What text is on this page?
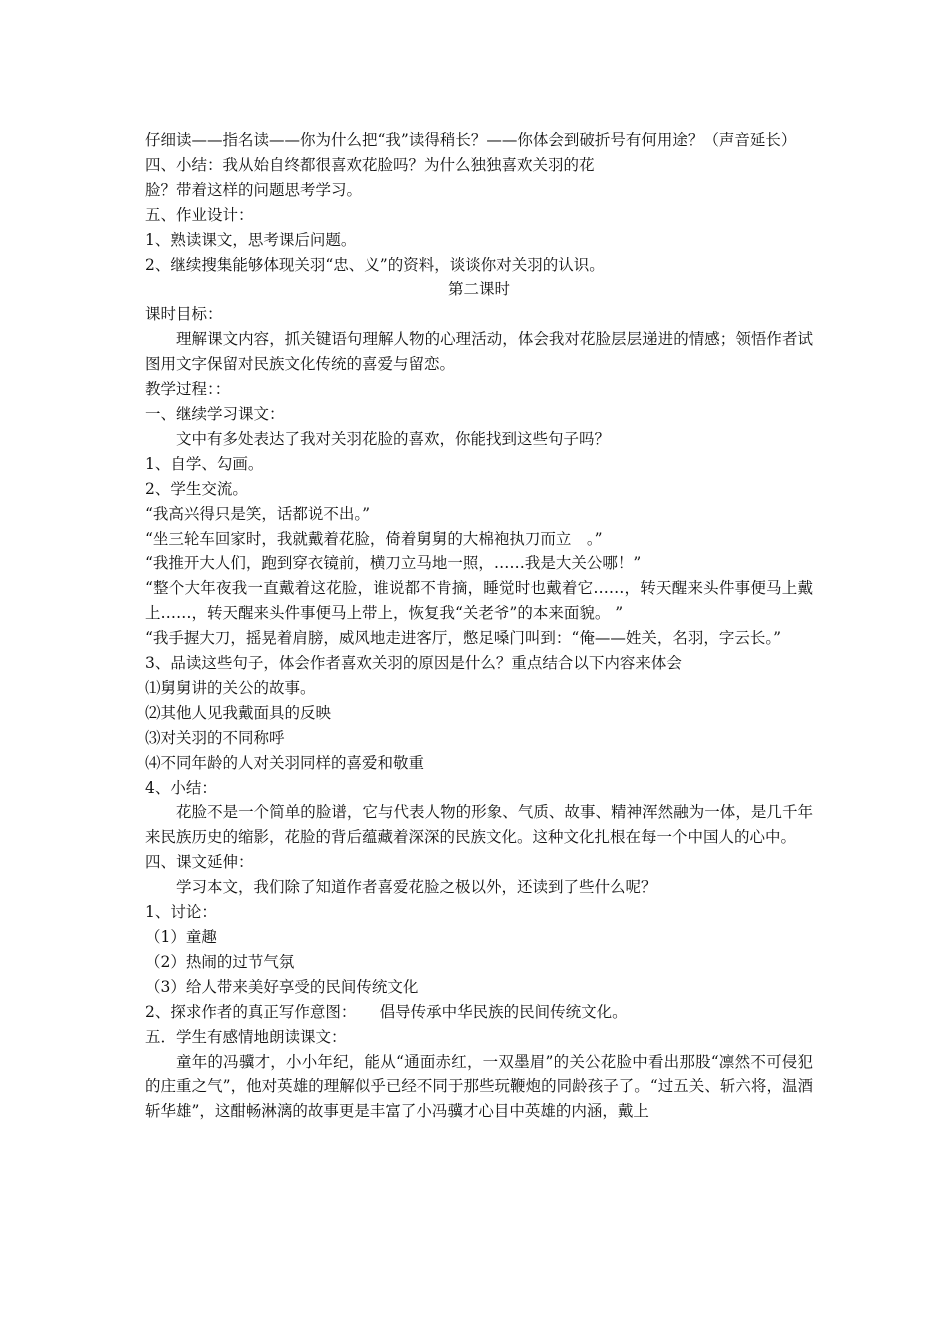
仔细读——指名读——你为什么把“我”读得稍长？——你体会到破折号有何用途？（声音延长）
四、小结：我从始自终都很喜欢花脸吗？为什么独独喜欢关羽的花
脸？带着这样的问题思考学习。
五、作业设计：
1、熟读课文，思考课后问题。
2、继续搜集能够体现关羽“忠、义”的资料，谈谈你对关羽的认识。
第二课时
课时目标：
理解课文内容，抓关键语句理解人物的心理活动，体会我对花脸层层递进的情感；领悟作者试图用文字保留对民族文化传统的喜爱与留恋。
教学过程：：
一、继续学习课文：
文中有多处表达了我对关羽花脸的喜欢，你能找到这些句子吗？
1、自学、勾画。
2、学生交流。
“我高兴得只是笑，话都说不出。”
“坐三轮车回家时，我就戴着花脸，倚着舅舅的大棉袍执刀而立　。”
“我推开大人们，跑到穿衣镜前，横刀立马地一照，……我是大关公哪！”
“整个大年夜我一直戴着这花脸，谁说都不肯摘，睡觉时也戴着它……，转天醒来头件事便马上戴上……，转天醒来头件事便马上带上，恢复我“关老爷”的本来面貌。 ”
“我手握大刀，摇晃着肩膀，威风地走进客厅，憋足嗓门叫到：“俺——姓关，名羽，字云长。”
3、品读这些句子，体会作者喜欢关羽的原因是什么？重点结合以下内容来体会
⑴舅舅讲的关公的故事。
⑵其他人见我戴面具的反映
⑶对关羽的不同称呼
⑷不同年龄的人对关羽同样的喜爱和敬重
4、小结：
花脸不是一个简单的脸谱，它与代表人物的形象、气质、故事、精神浑然融为一体，是几千年来民族历史的缩影，花脸的背后蕴藏着深深的民族文化。这种文化扎根在每一个中国人的心中。
四、课文延伸：
学习本文，我们除了知道作者喜爱花脸之极以外，还读到了些什么呢？
1、讨论：
（1）童趣
（2）热闹的过节气氛
（3）给人带来美好享受的民间传统文化
2、探求作者的真正写作意图：　　倡导传承中华民族的民间传统文化。
五．学生有感情地朗读课文：
童年的冯骥才，小小年纪，能从“通面赤红，一双墨眉”的关公花脸中看出那股“凛然不可侵犯的庄重之气”，他对英雄的理解似乎已经不同于那些玩鞭炮的同龄孩子了。“过五关、斩六将，温酒斩华雄”，这酣畅淋漓的故事更是丰富了小冯骥才心目中英雄的内涵，戴上
